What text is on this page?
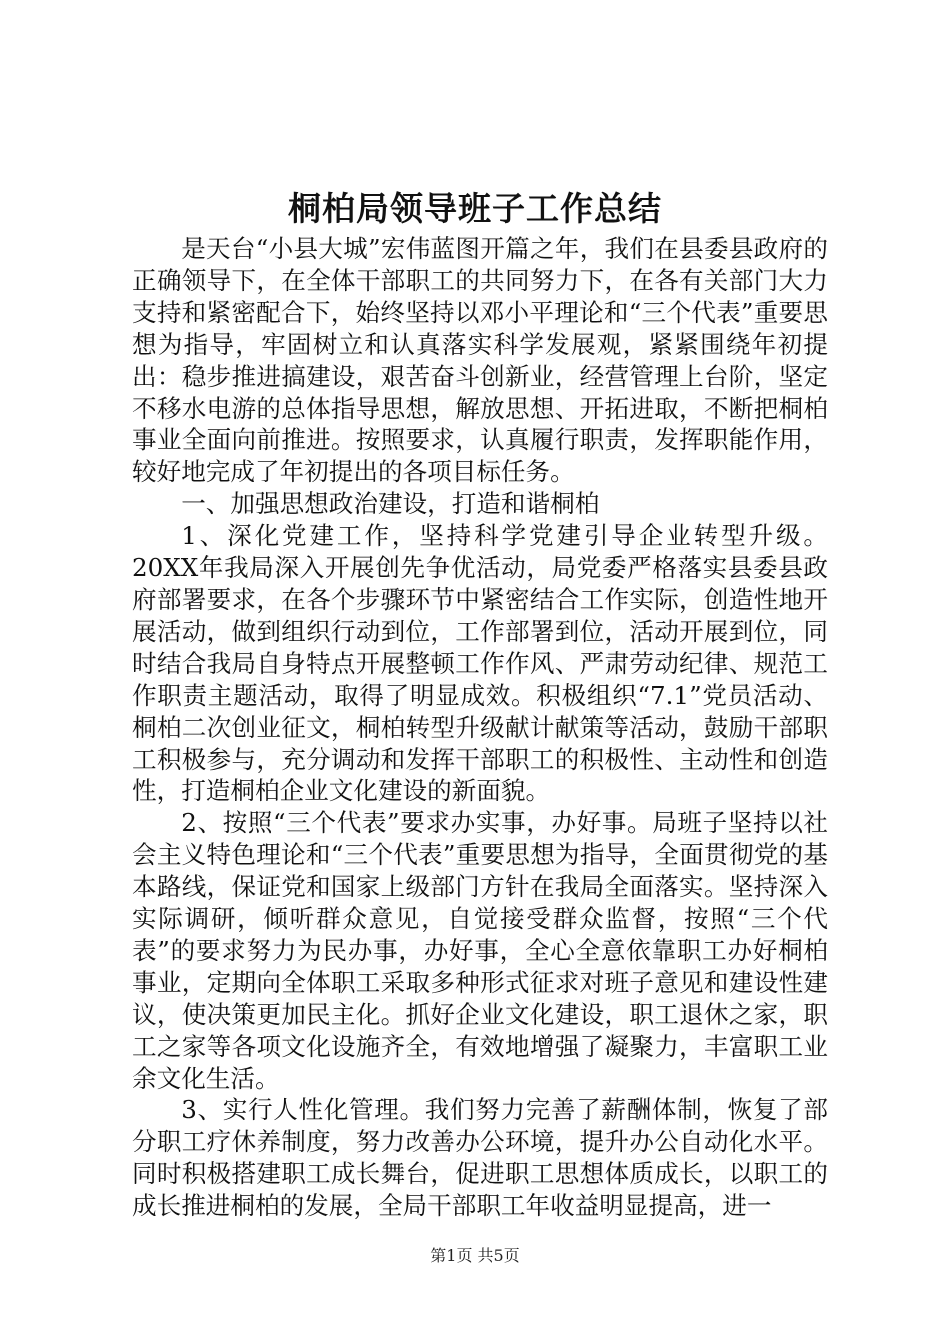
桐柏局领导班子工作总结

是天台“小县大城”宏伟蓝图开篇之年，我们在县委县政府的正确领导下，在全体干部职工的共同努力下，在各有关部门大力支持和紧密配合下，始终坚持以邓小平理论和“三个代表”重要思想为指导，牢固树立和认真落实科学发展观，紧紧围绕年初提出：稳步推进搞建设，艰苦奋斗创新业，经营管理上台阶，坚定不移水电游的总体指导思想，解放思想、开拓进取，不断把桐柏事业全面向前推进。按照要求，认真履行职责，发挥职能作用，较好地完成了年初提出的各项目标任务。

一、加强思想政治建设，打造和谐桐柏

1、深化党建工作，坚持科学党建引导企业转型升级。20XX年我局深入开展创先争优活动，局党委严格落实县委县政府部署要求，在各个步骤环节中紧密结合工作实际，创造性地开展活动，做到组织行动到位，工作部署到位，活动开展到位，同时结合我局自身特点开展整顿工作作风、严肃劳动纪律、规范工作职责主题活动，取得了明显成效。积极组织“7.1”党员活动、桐柏二次创业征文，桐柏转型升级献计献策等活动，鼓励干部职工积极参与，充分调动和发挥干部职工的积极性、主动性和创造性，打造桐柏企业文化建设的新面貌。

2、按照“三个代表”要求办实事，办好事。局班子坚持以社会主义特色理论和“三个代表”重要思想为指导，全面贯彻党的基本路线，保证党和国家上级部门方针在我局全面落实。坚持深入实际调研，倾听群众意见，自觉接受群众监督，按照“三个代表”的要求努力为民办事，办好事，全心全意依靠职工办好桐柏事业，定期向全体职工采取多种形式征求对班子意见和建设性建议，使决策更加民主化。抓好企业文化建设，职工退休之家，职工之家等各项文化设施齐全，有效地增强了凝聚力，丰富职工业余文化生活。

3、实行人性化管理。我们努力完善了薪酬体制，恢复了部分职工疗休养制度，努力改善办公环境，提升办公自动化水平。同时积极搭建职工成长舞台，促进职工思想体质成长，以职工的成长推进桐柏的发展，全局干部职工年收益明显提高，进一

第1页 共5页
